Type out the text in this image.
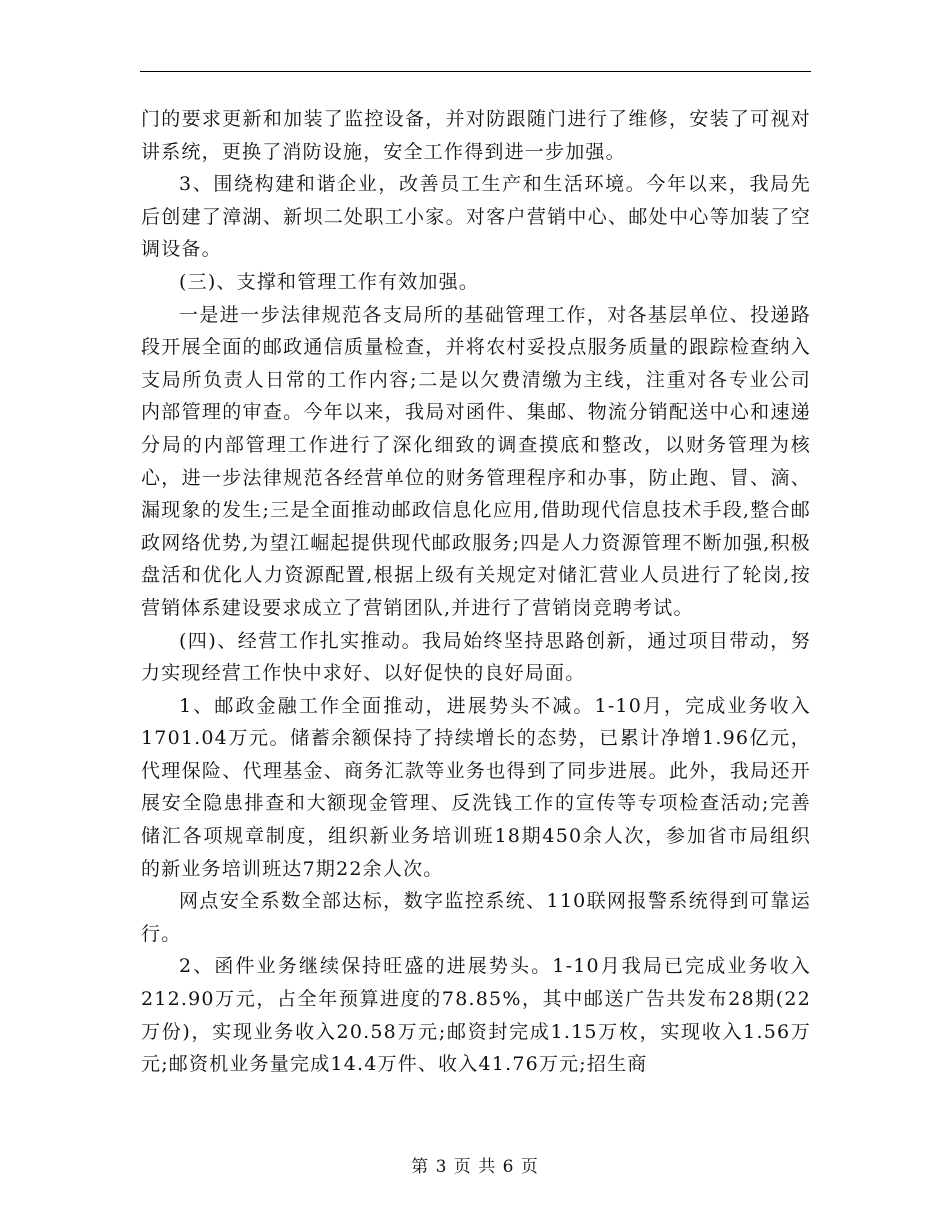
门的要求更新和加装了监控设备，并对防跟随门进行了维修，安装了可视对讲系统，更换了消防设施，安全工作得到进一步加强。

3、围绕构建和谐企业，改善员工生产和生活环境。今年以来，我局先后创建了漳湖、新坝二处职工小家。对客户营销中心、邮处中心等加装了空调设备。

(三)、支撑和管理工作有效加强。

一是进一步法律规范各支局所的基础管理工作，对各基层单位、投递路段开展全面的邮政通信质量检查，并将农村妥投点服务质量的跟踪检查纳入支局所负责人日常的工作内容;二是以欠费清缴为主线，注重对各专业公司内部管理的审查。今年以来，我局对函件、集邮、物流分销配送中心和速递分局的内部管理工作进行了深化细致的调查摸底和整改，以财务管理为核心，进一步法律规范各经营单位的财务管理程序和办事，防止跑、冒、滴、漏现象的发生;三是全面推动邮政信息化应用,借助现代信息技术手段,整合邮政网络优势,为望江崛起提供现代邮政服务;四是人力资源管理不断加强,积极盘活和优化人力资源配置,根据上级有关规定对储汇营业人员进行了轮岗,按营销体系建设要求成立了营销团队,并进行了营销岗竞聘考试。

(四)、经营工作扎实推动。我局始终坚持思路创新，通过项目带动，努力实现经营工作快中求好、以好促快的良好局面。

1、邮政金融工作全面推动，进展势头不减。1-10月，完成业务收入1701.04万元。储蓄余额保持了持续增长的态势，已累计净增1.96亿元，代理保险、代理基金、商务汇款等业务也得到了同步进展。此外，我局还开展安全隐患排查和大额现金管理、反洗钱工作的宣传等专项检查活动;完善储汇各项规章制度，组织新业务培训班18期450余人次，参加省市局组织的新业务培训班达7期22余人次。

网点安全系数全部达标，数字监控系统、110联网报警系统得到可靠运行。

2、函件业务继续保持旺盛的进展势头。1-10月我局已完成业务收入212.90万元，占全年预算进度的78.85%，其中邮送广告共发布28期(22万份)，实现业务收入20.58万元;邮资封完成1.15万枚，实现收入1.56万元;邮资机业务量完成14.4万件、收入41.76万元;招生商

第 3 页 共 6 页
